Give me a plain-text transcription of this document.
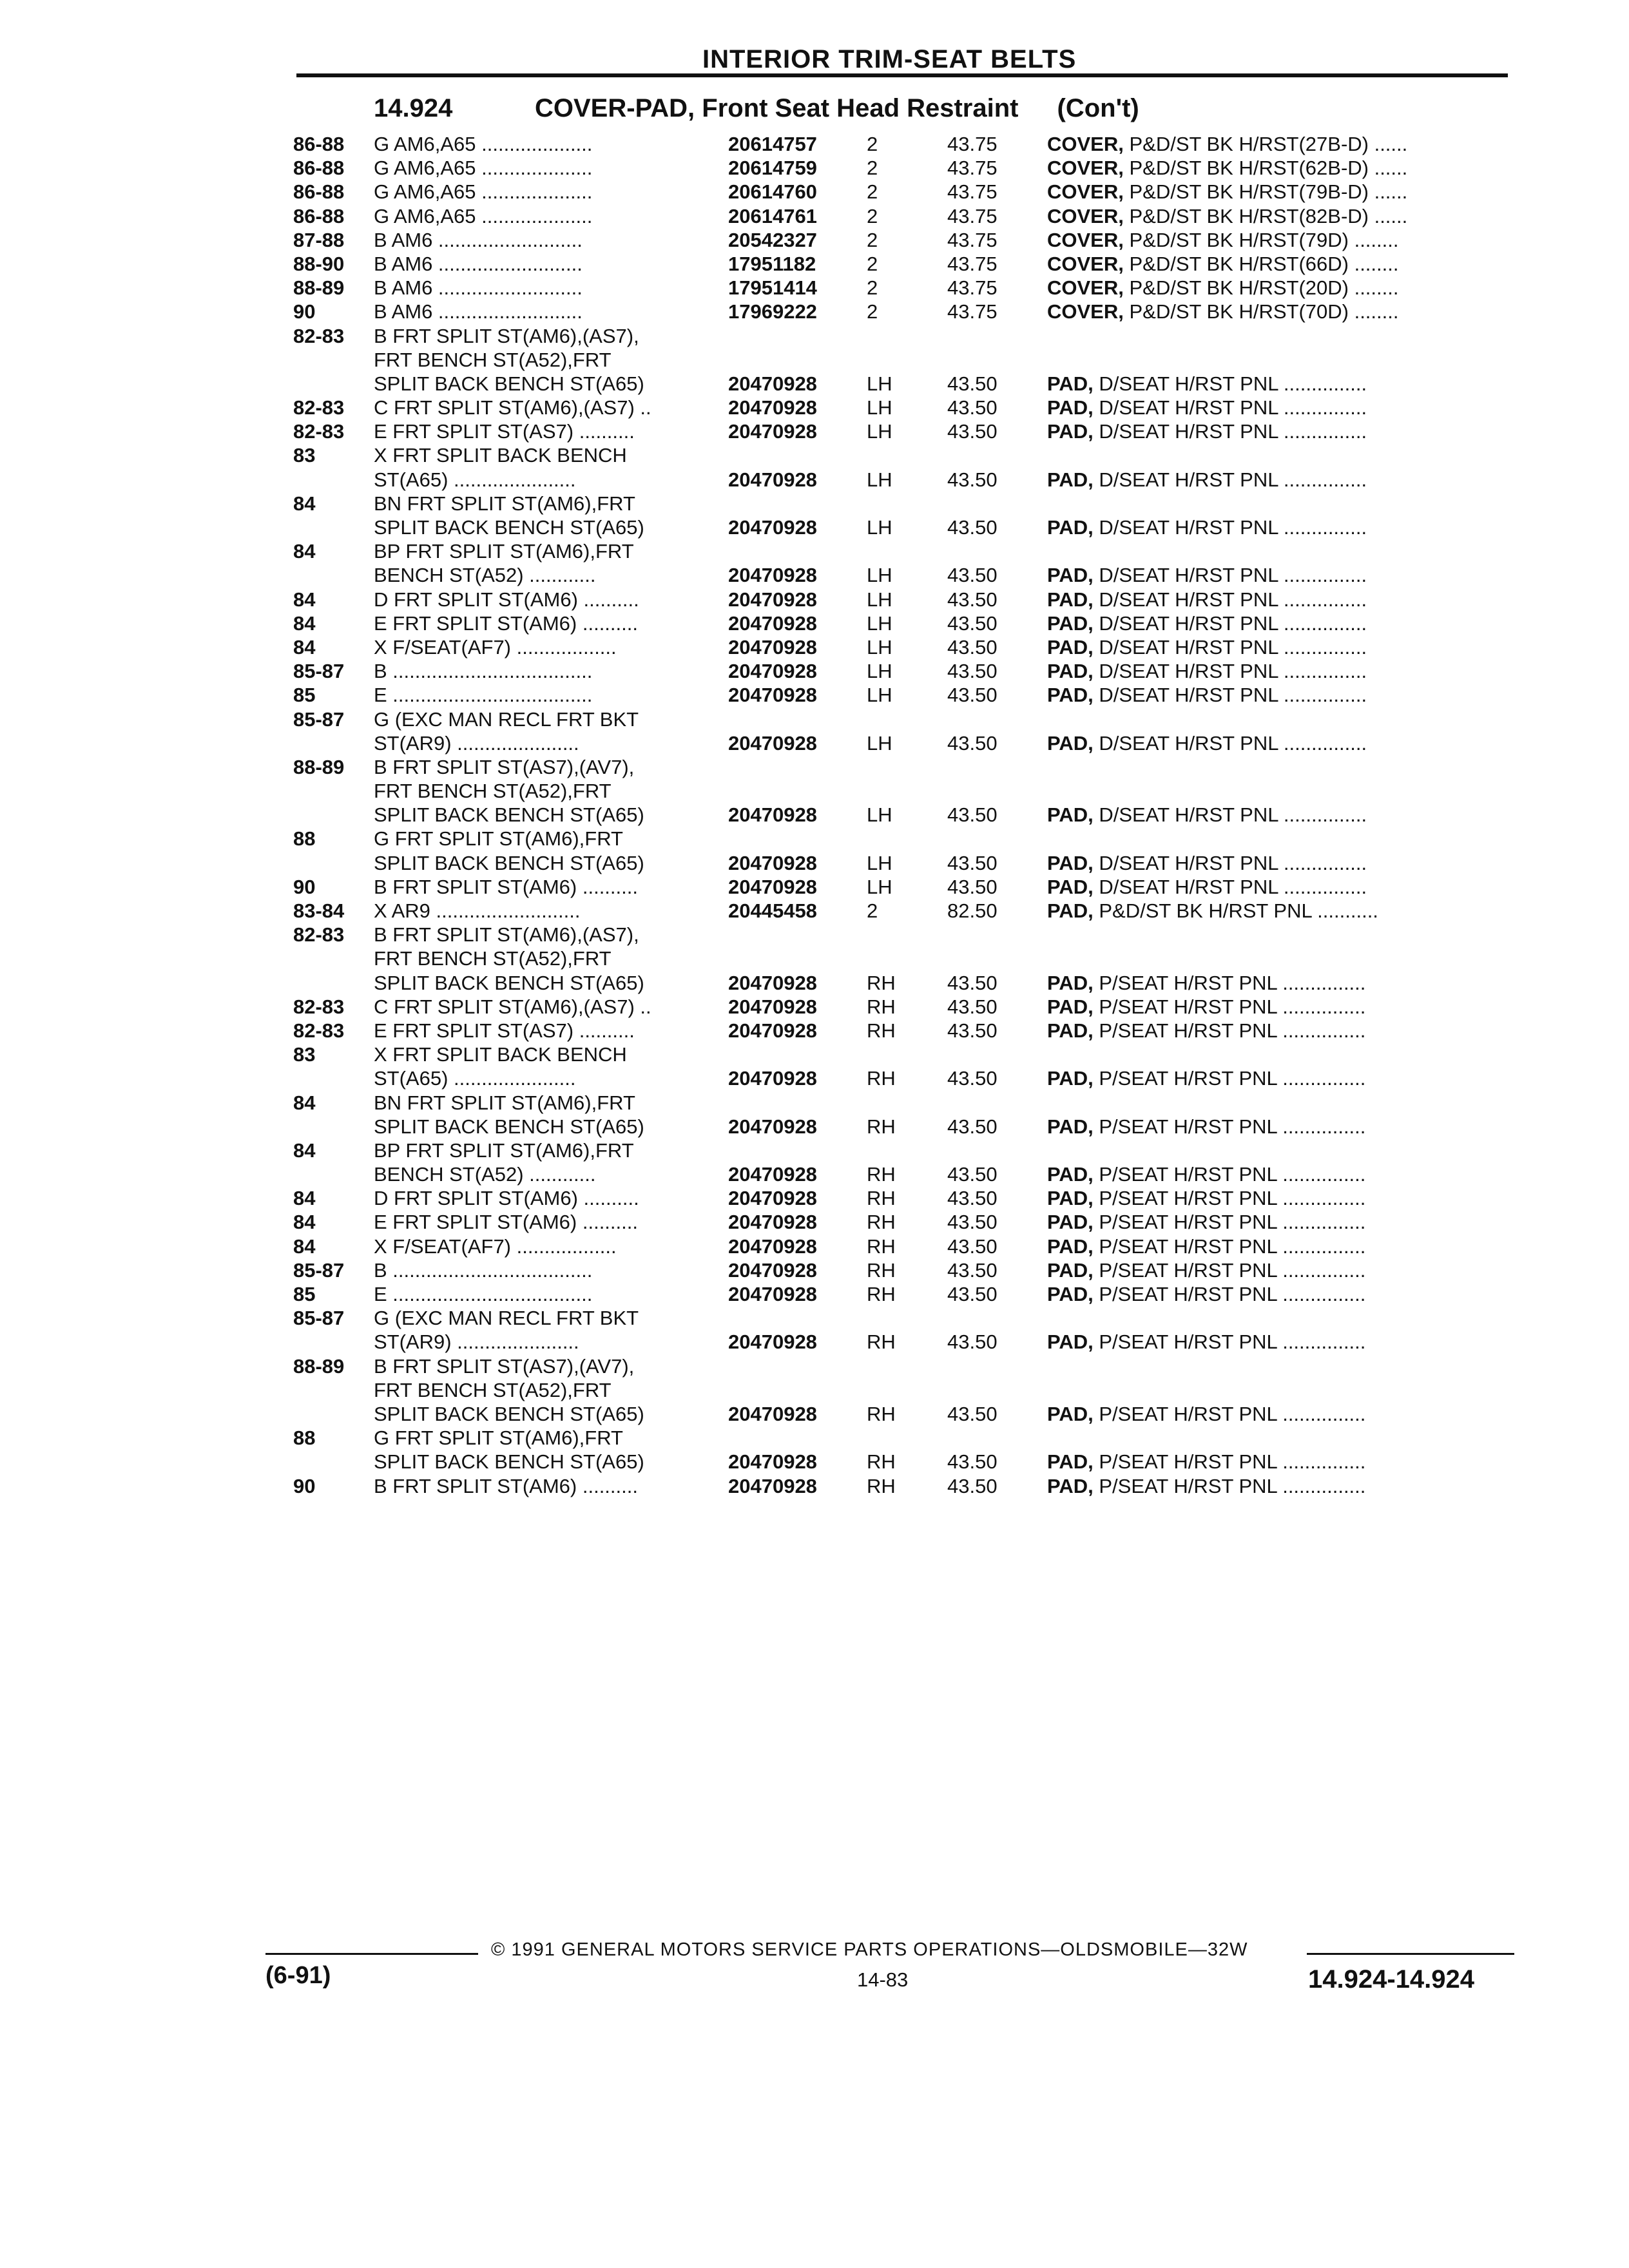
INTERIOR TRIM-SEAT BELTS
14.924	COVER-PAD, Front Seat Head Restraint (Con't)
86-88 G AM6,A65 ....................	20614757 2	43.75 COVER, P&D/ST BK H/RST(27B-D) ......
86-88 G AM6,A65 ....................	20614759 2	43.75 COVER, P&D/ST BK H/RST(62B-D) ......
86-88 G AM6,A65 ....................	20614760 2	43.75 COVER, P&D/ST BK H/RST(79B-D) ......
86-88 G AM6,A65 ....................	20614761 2	43.75 COVER, P&D/ST BK H/RST(82B-D) ......
87-88 B AM6 ..........................	20542327 2	43.75 COVER, P&D/ST BK H/RST(79D) ........
88-90 B AM6 ..........................	17951182	2	43.75 COVER, P&D/ST BK H/RST(66D) ........
88-89 B AM6 ..........................	17951414 2	43.75 COVER, P&D/ST BK H/RST(20D) ........
90	B AM6 ..........................	17969222 2	43.75 COVER, P&D/ST BK H/RST(70D) ........
82-83 B FRT SPLIT ST(AM6),(AS7),
FRT BENCH ST(A52),FRT
SPLIT BACK BENCH ST(A65)	20470928 LH	43.50 PAD, D/SEAT H/RST PNL ...............
82-83 C FRT SPLIT ST(AM6),(AS7) ..	20470928 LH	43.50 PAD, D/SEAT H/RST PNL ...............
82-83 E FRT SPLIT ST(AS7) ..........	20470928 LH	43.50 PAD, D/SEAT H/RST PNL ...............
83	X FRT SPLIT BACK BENCH
ST(A65) ......................	20470928 LH	43.50 PAD, D/SEAT H/RST PNL ...............
84	BN FRT SPLIT ST(AM6),FRT
SPLIT BACK BENCH ST(A65)	20470928 LH	43.50 PAD, D/SEAT H/RST PNL ...............
84	BP FRT SPLIT ST(AM6),FRT
BENCH ST(A52) ............	20470928 LH	43.50 PAD, D/SEAT H/RST PNL ...............
84	D FRT SPLIT ST(AM6) ..........	20470928 LH	43.50 PAD, D/SEAT H/RST PNL ...............
84	E FRT SPLIT ST(AM6) ..........	20470928 LH	43.50 PAD, D/SEAT H/RST PNL ...............
84	X F/SEAT(AF7) ..................	20470928 LH	43.50 PAD, D/SEAT H/RST PNL ...............
85-87 B ....................................	20470928 LH	43.50 PAD, D/SEAT H/RST PNL ...............
85	E ....................................	20470928 LH	43.50 PAD, D/SEAT H/RST PNL ...............
85-87 G (EXC MAN RECL FRT BKT
ST(AR9) ......................	20470928 LH	43.50 PAD, D/SEAT H/RST PNL ...............
88-89 B FRT SPLIT ST(AS7),(AV7),
FRT BENCH ST(A52),FRT
SPLIT BACK BENCH ST(A65)	20470928 LH	43.50 PAD, D/SEAT H/RST PNL ...............
88	G FRT SPLIT ST(AM6),FRT
SPLIT BACK BENCH ST(A65)	20470928 LH	43.50 PAD, D/SEAT H/RST PNL ...............
90	B FRT SPLIT ST(AM6) ..........	20470928 LH	43.50 PAD, D/SEAT H/RST PNL ...............
83-84 X AR9 ..........................	20445458 2	82.50 PAD, P&D/ST BK H/RST PNL ...........
82-83 B FRT SPLIT ST(AM6),(AS7),
FRT BENCH ST(A52),FRT
SPLIT BACK BENCH ST(A65)	20470928 RH	43.50 PAD, P/SEAT H/RST PNL ...............
82-83 C FRT SPLIT ST(AM6),(AS7) ..	20470928 RH	43.50 PAD, P/SEAT H/RST PNL ...............
82-83 E FRT SPLIT ST(AS7) ..........	20470928 RH	43.50 PAD, P/SEAT H/RST PNL ...............
83	X FRT SPLIT BACK BENCH
ST(A65) ......................	20470928 RH	43.50 PAD, P/SEAT H/RST PNL ...............
84	BN FRT SPLIT ST(AM6),FRT
SPLIT BACK BENCH ST(A65)	20470928 RH	43.50 PAD, P/SEAT H/RST PNL ...............
84	BP FRT SPLIT ST(AM6),FRT
BENCH ST(A52) ............	20470928 RH	43.50 PAD, P/SEAT H/RST PNL ...............
84	D FRT SPLIT ST(AM6) ..........	20470928 RH	43.50 PAD, P/SEAT H/RST PNL ...............
84	E FRT SPLIT ST(AM6) ..........	20470928 RH	43.50 PAD, P/SEAT H/RST PNL ...............
84	X F/SEAT(AF7) ..................	20470928 RH	43.50 PAD, P/SEAT H/RST PNL ...............
85-87 B ....................................	20470928 RH	43.50 PAD, P/SEAT H/RST PNL ...............
85	E ....................................	20470928 RH	43.50 PAD, P/SEAT H/RST PNL ...............
85-87 G (EXC MAN RECL FRT BKT
ST(AR9) ......................	20470928 RH	43.50 PAD, P/SEAT H/RST PNL ...............
88-89 B FRT SPLIT ST(AS7),(AV7),
FRT BENCH ST(A52),FRT
SPLIT BACK BENCH ST(A65)	20470928 RH	43.50 PAD, P/SEAT H/RST PNL ...............
88	G FRT SPLIT ST(AM6),FRT
SPLIT BACK BENCH ST(A65)	20470928 RH	43.50 PAD, P/SEAT H/RST PNL ...............
90	B FRT SPLIT ST(AM6) ..........	20470928 RH	43.50 PAD, P/SEAT H/RST PNL ...............
© 1991 GENERAL MOTORS SERVICE PARTS OPERATIONS—OLDSMOBILE—32W
(6-91)	14-83	14.924-14.924
